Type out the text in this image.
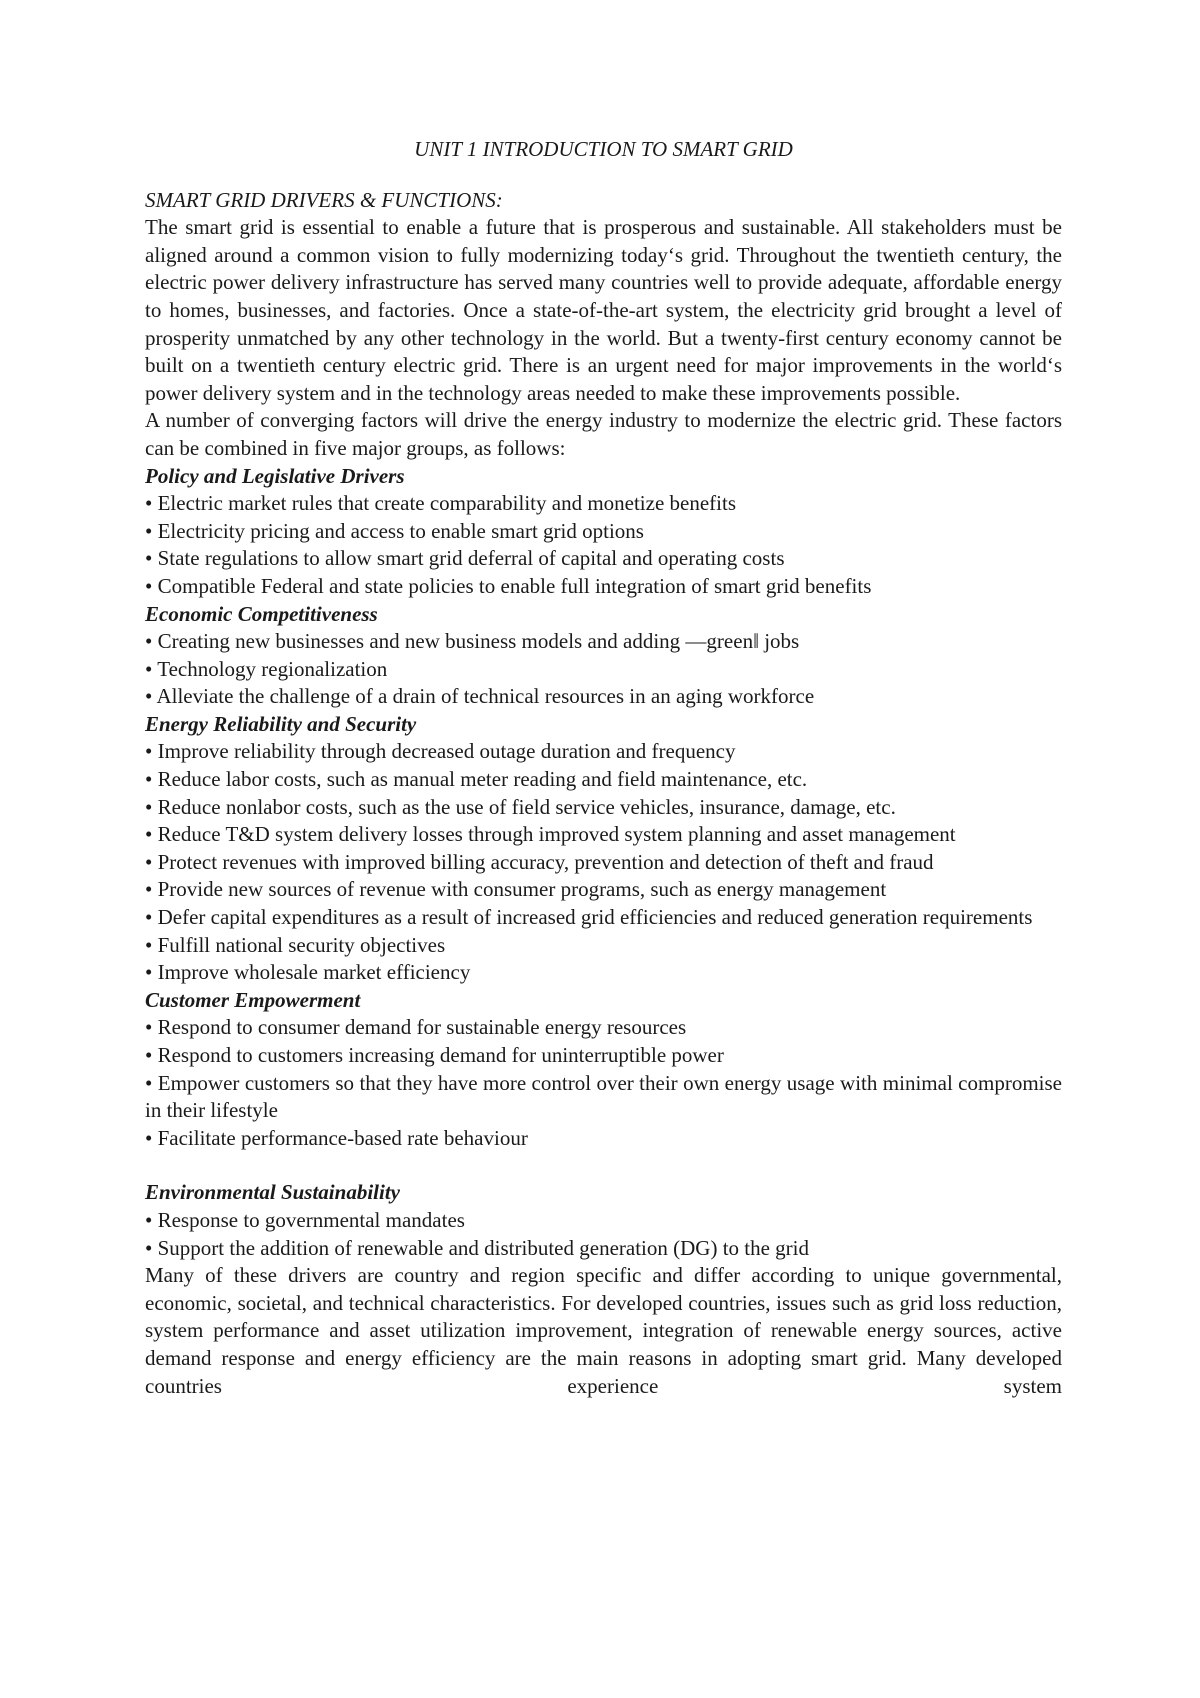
UNIT 1 INTRODUCTION TO SMART GRID
SMART GRID DRIVERS & FUNCTIONS:

The smart grid is essential to enable a future that is prosperous and sustainable. All stakeholders must be aligned around a common vision to fully modernizing today‘s grid. Throughout the twentieth century, the electric power delivery infrastructure has served many countries well to provide adequate, affordable energy to homes, businesses, and factories. Once a state-of-the-art system, the electricity grid brought a level of prosperity unmatched by any other technology in the world. But a twenty-first century economy cannot be built on a twentieth century electric grid. There is an urgent need for major improvements in the world‘s power delivery system and in the technology areas needed to make these improvements possible.

A number of converging factors will drive the energy industry to modernize the electric grid. These factors can be combined in five major groups, as follows:

Policy and Legislative Drivers

• Electric market rules that create comparability and monetize benefits

• Electricity pricing and access to enable smart grid options

• State regulations to allow smart grid deferral of capital and operating costs

• Compatible Federal and state policies to enable full integration of smart grid benefits

Economic Competitiveness

• Creating new businesses and new business models and adding ―green‖ jobs

• Technology regionalization

• Alleviate the challenge of a drain of technical resources in an aging workforce

Energy Reliability and Security

• Improve reliability through decreased outage duration and frequency

• Reduce labor costs, such as manual meter reading and field maintenance, etc.

• Reduce nonlabor costs, such as the use of field service vehicles, insurance, damage, etc.

• Reduce T&D system delivery losses through improved system planning and asset management

• Protect revenues with improved billing accuracy, prevention and detection of theft and fraud

• Provide new sources of revenue with consumer programs, such as energy management

• Defer capital expenditures as a result of increased grid efficiencies and reduced generation requirements

• Fulfill national security objectives

• Improve wholesale market efficiency

Customer Empowerment

• Respond to consumer demand for sustainable energy resources

• Respond to customers increasing demand for uninterruptible power

• Empower customers so that they have more control over their own energy usage with minimal compromise in their lifestyle

• Facilitate performance-based rate behaviour

Environmental Sustainability

• Response to governmental mandates

• Support the addition of renewable and distributed generation (DG) to the grid

Many of these drivers are country and region specific and differ according to unique governmental, economic, societal, and technical characteristics. For developed countries, issues such as grid loss reduction, system performance and asset utilization improvement, integration of renewable energy sources, active demand response and energy efficiency are the main reasons in adopting smart grid. Many developed countries experience system
